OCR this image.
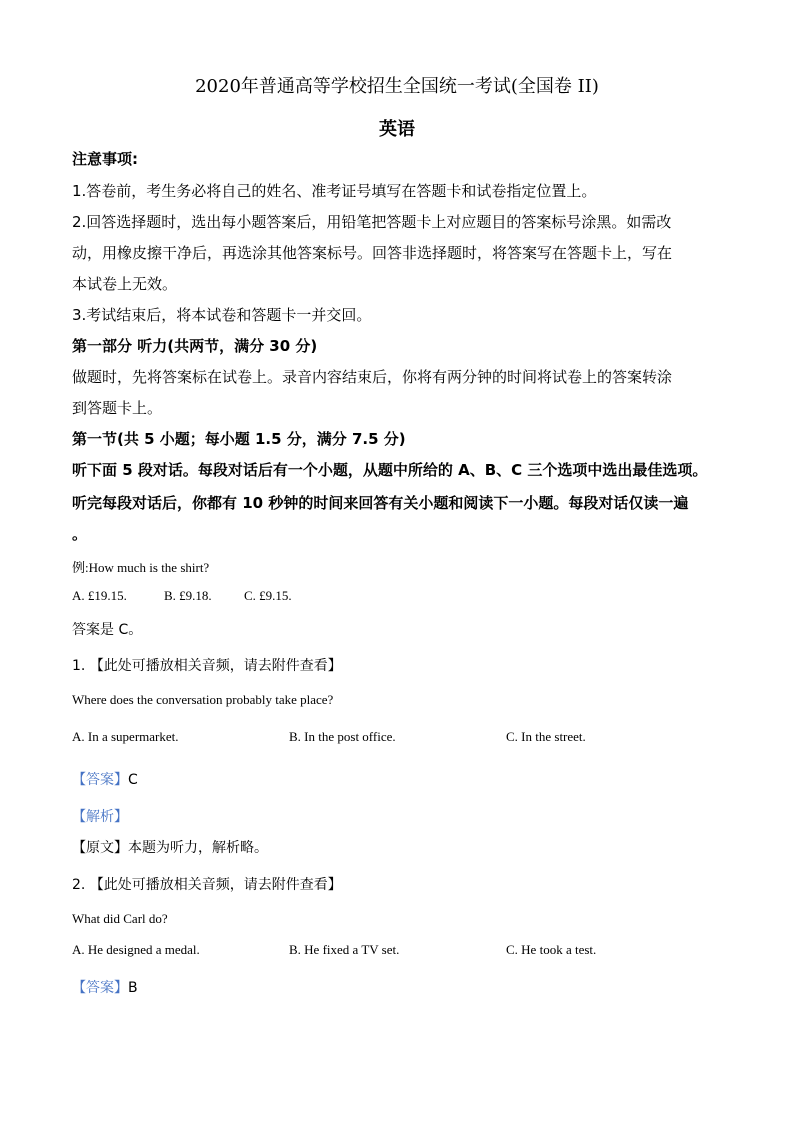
2020年普通高等学校招生全国统一考试(全国卷 II)
英语
注意事项:
1.答卷前，考生务必将自己的姓名、准考证号填写在答题卡和试卷指定位置上。
2.回答选择题时，选出每小题答案后，用铅笔把答题卡上对应题目的答案标号涂黑。如需改
动，用橡皮擦干净后，再选涂其他答案标号。回答非选择题时，将答案写在答题卡上，写在
本试卷上无效。
3.考试结束后，将本试卷和答题卡一并交回。
第一部分 听力(共两节，满分 30 分)
做题时，先将答案标在试卷上。录音内容结束后，你将有两分钟的时间将试卷上的答案转涂
到答题卡上。
第一节(共 5 小题；每小题 1.5 分，满分 7.5 分)
听下面 5 段对话。每段对话后有一个小题，从题中所给的 A、B、C 三个选项中选出最佳选项。
听完每段对话后，你都有 10 秒钟的时间来回答有关小题和阅读下一小题。每段对话仅读一遍
。
例:How much is the shirt?
A. £19.15.	B. £9.18. C. £9.15.
答案是 C。
1. 【此处可播放相关音频，请去附件查看】
Where does the conversation probably take place?
A. In a supermarket.	B. In the post office.	C. In the street.
【答案】C
【解析】
【原文】本题为听力，解析略。
2. 【此处可播放相关音频，请去附件查看】
What did Carl do?
A. He designed a medal.	B. He fixed a TV set.	C. He took a test.
【答案】B
